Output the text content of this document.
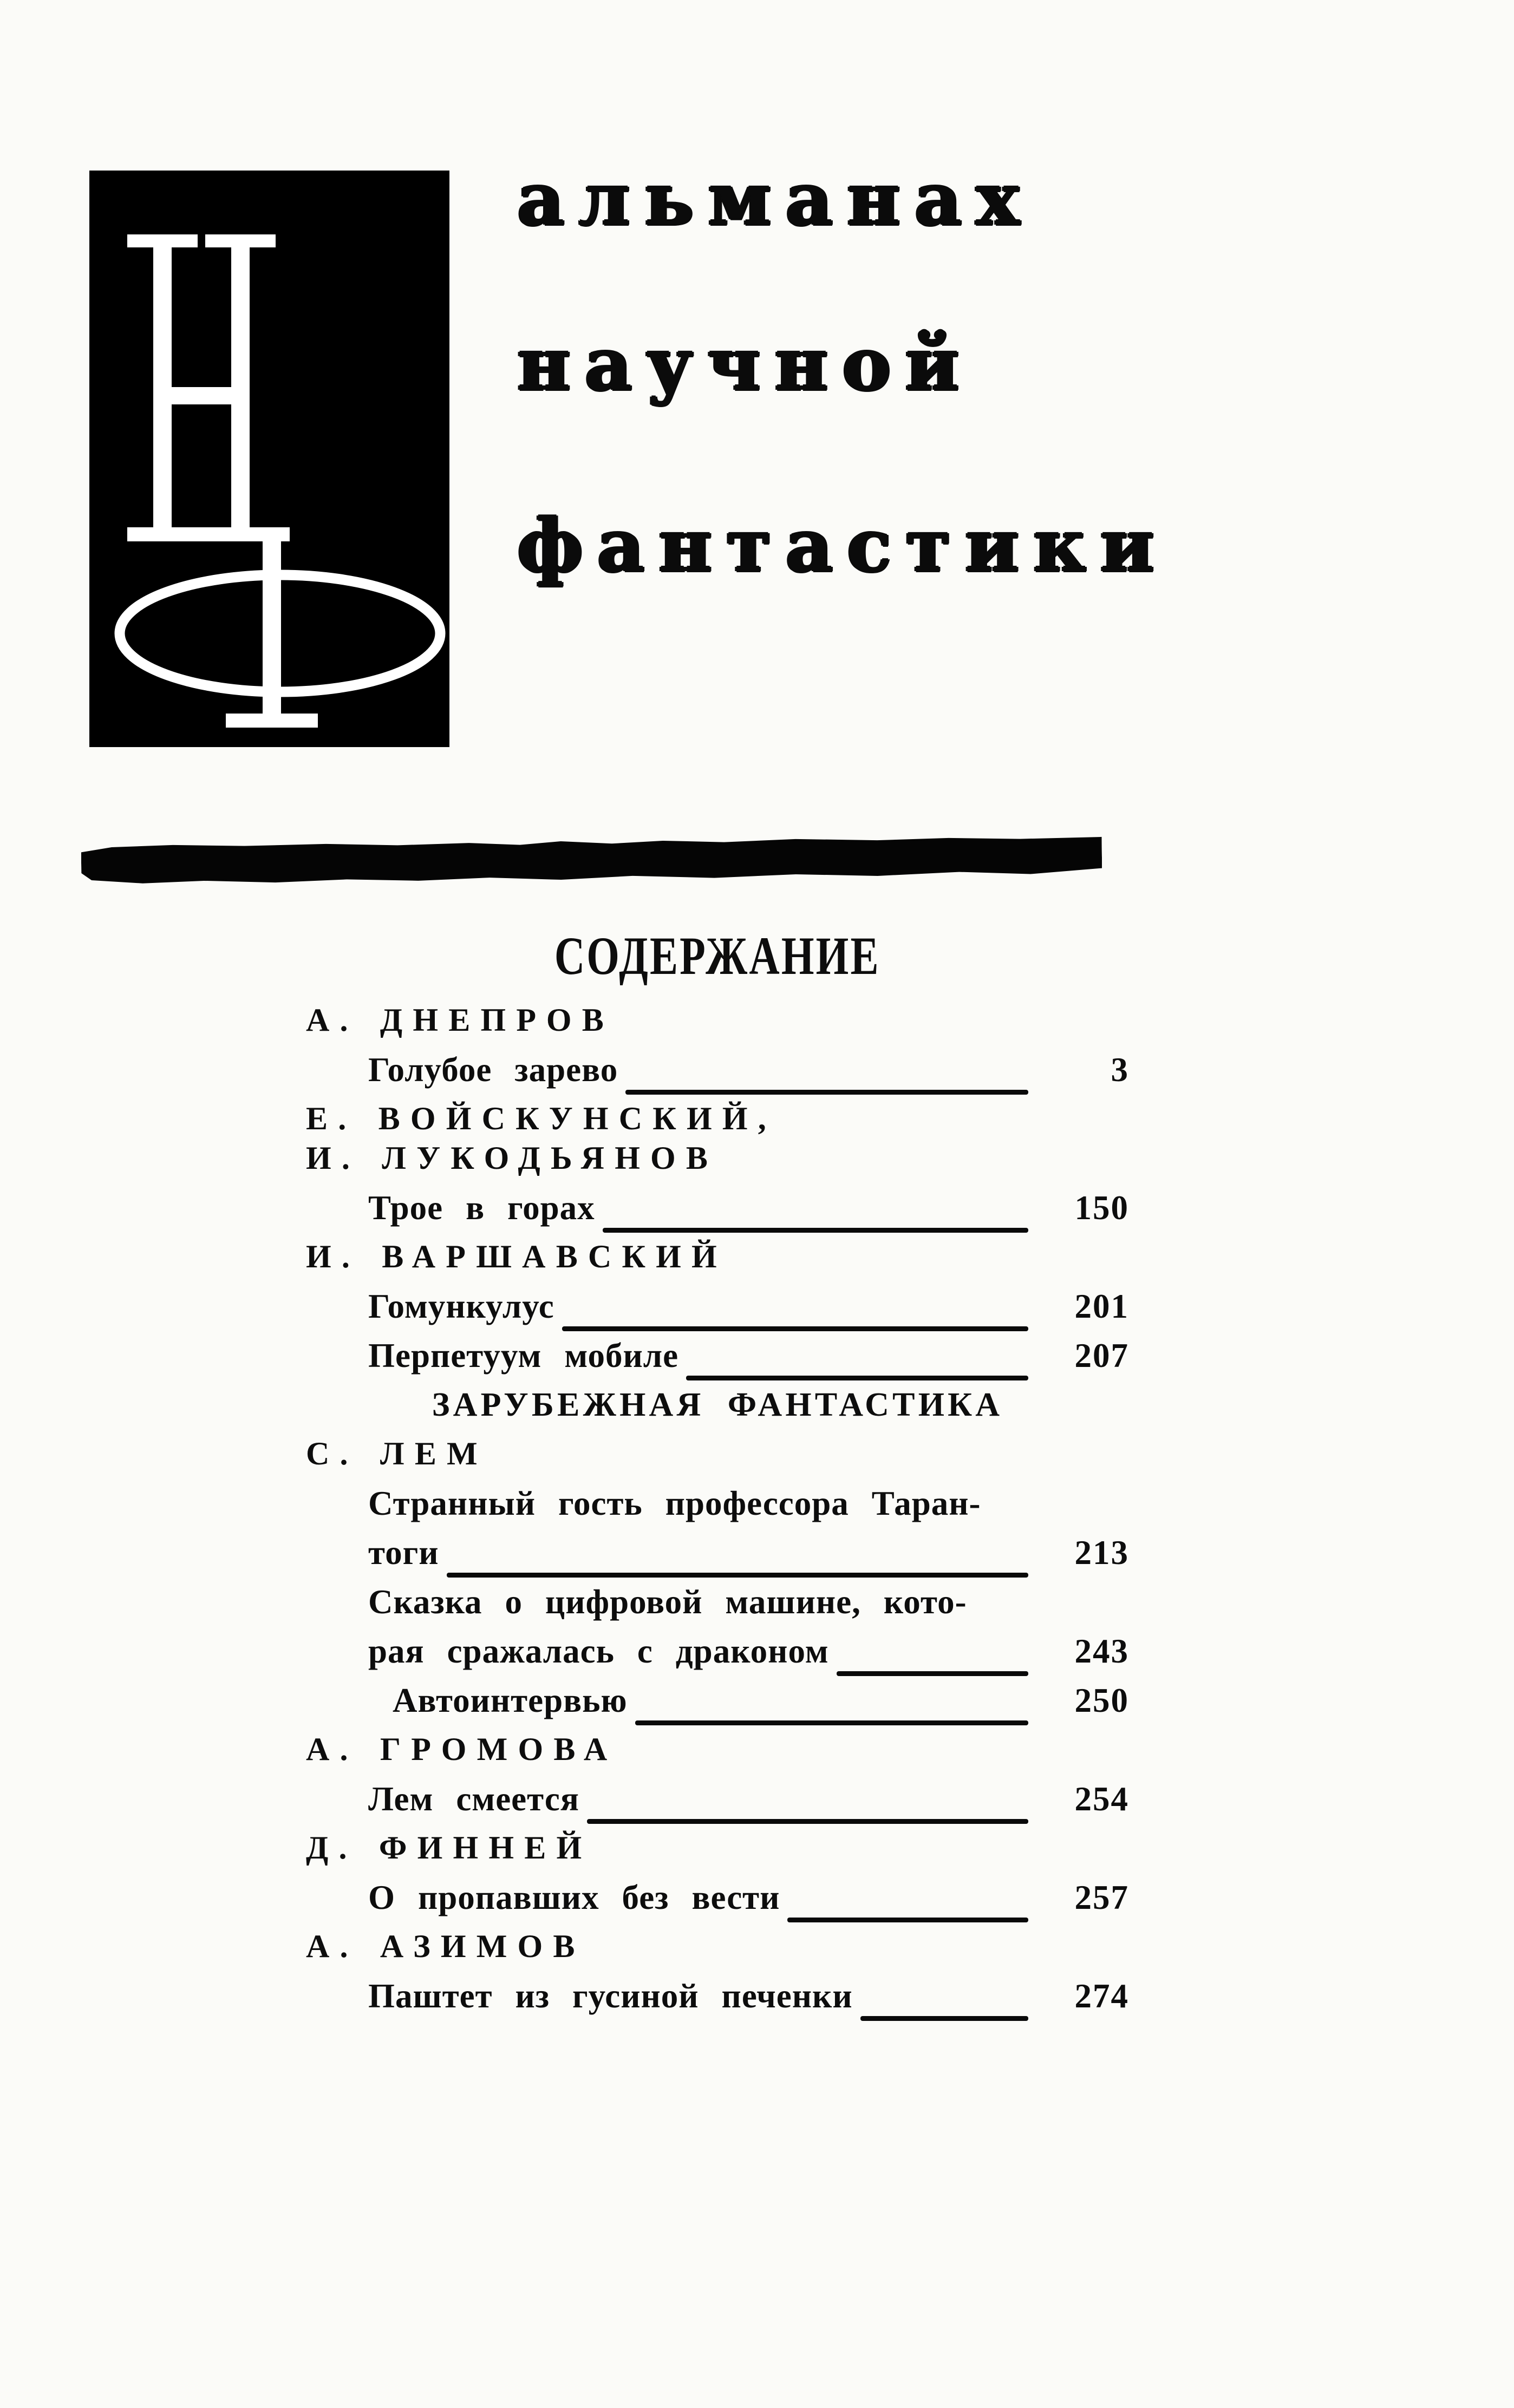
альманах
научной
фантастики
СОДЕРЖАНИЕ
А. ДНЕПРОВ
Голубое зарево	3
Е. ВОЙСКУНСКИЙ,
И. ЛУКОДЬЯНОВ
Трое в горах	150
И. ВАРШАВСКИЙ
Гомункулус	201
Перпетуум мобиле	207
ЗАРУБЕЖНАЯ ФАНТАСТИКА
С. ЛЕМ
Странный гость профессора Таран-
тоги	213
Сказка о цифровой машине, кото-
рая сражалась с драконом	243
Автоинтервью	250
А. ГРОМОВА
Лем смеется	254
Д. ФИННЕЙ
О пропавших без вести	257
А. АЗИМОВ
Паштет из гусиной печенки	274
